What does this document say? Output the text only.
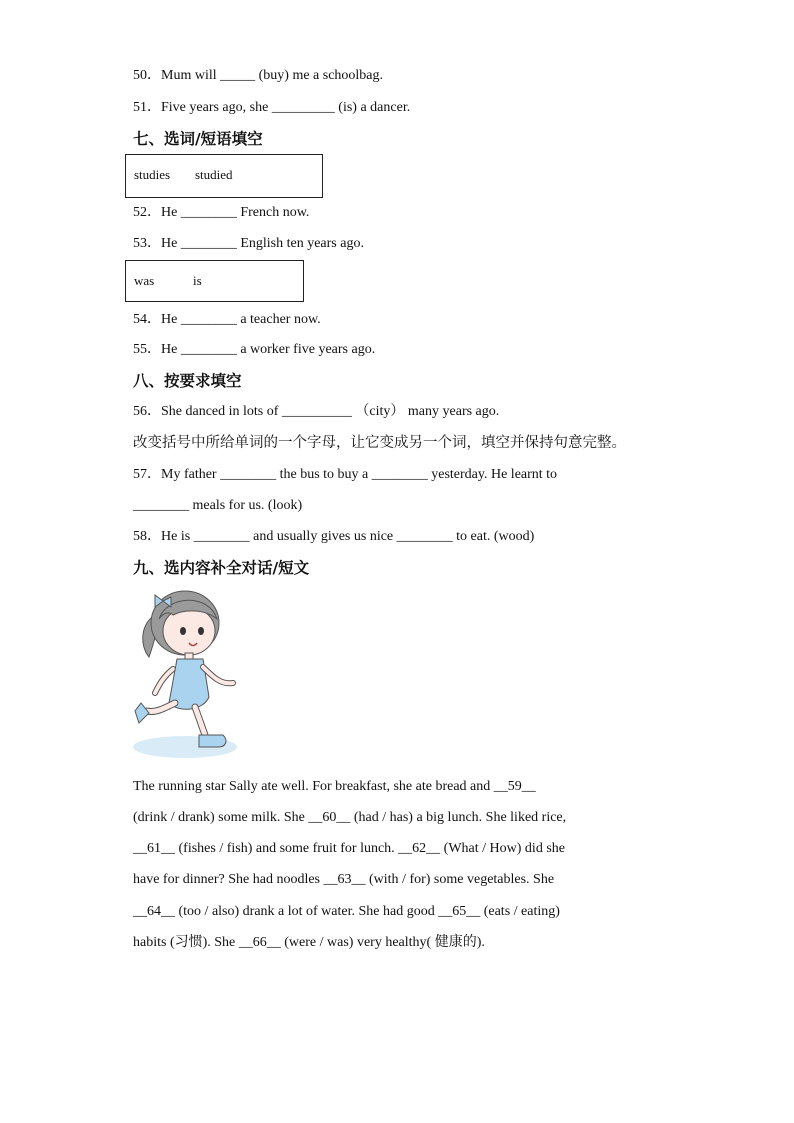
50．Mum will _____ (buy) me a schoolbag.
51．Five years ago, she _________ (is) a dancer.
七、选词/短语填空
studies studied
52．He ________ French now.
53．He ________ English ten years ago.
was	is
54．He ________ a teacher now.
55．He ________ a worker five years ago.
八、按要求填空
56．She danced in lots of __________ （city） many years ago.
改变括号中所给单词的一个字母，让它变成另一个词，填空并保持句意完整。
57．My father ________ the bus to buy a ________ yesterday. He learnt to
________ meals for us. (look)
58．He is ________ and usually gives us nice ________ to eat. (wood)
九、选内容补全对话/短文
The running star Sally ate well. For breakfast, she ate bread and __59__
(drink / drank) some milk. She __60__ (had / has) a big lunch. She liked rice,
__61__ (fishes / fish) and some fruit for lunch. __62__ (What / How) did she
have for dinner? She had noodles __63__ (with / for) some vegetables. She
__64__ (too / also) drank a lot of water. She had good __65__ (eats / eating)
habits (习惯). She __66__ (were / was) very healthy( 健康的).
